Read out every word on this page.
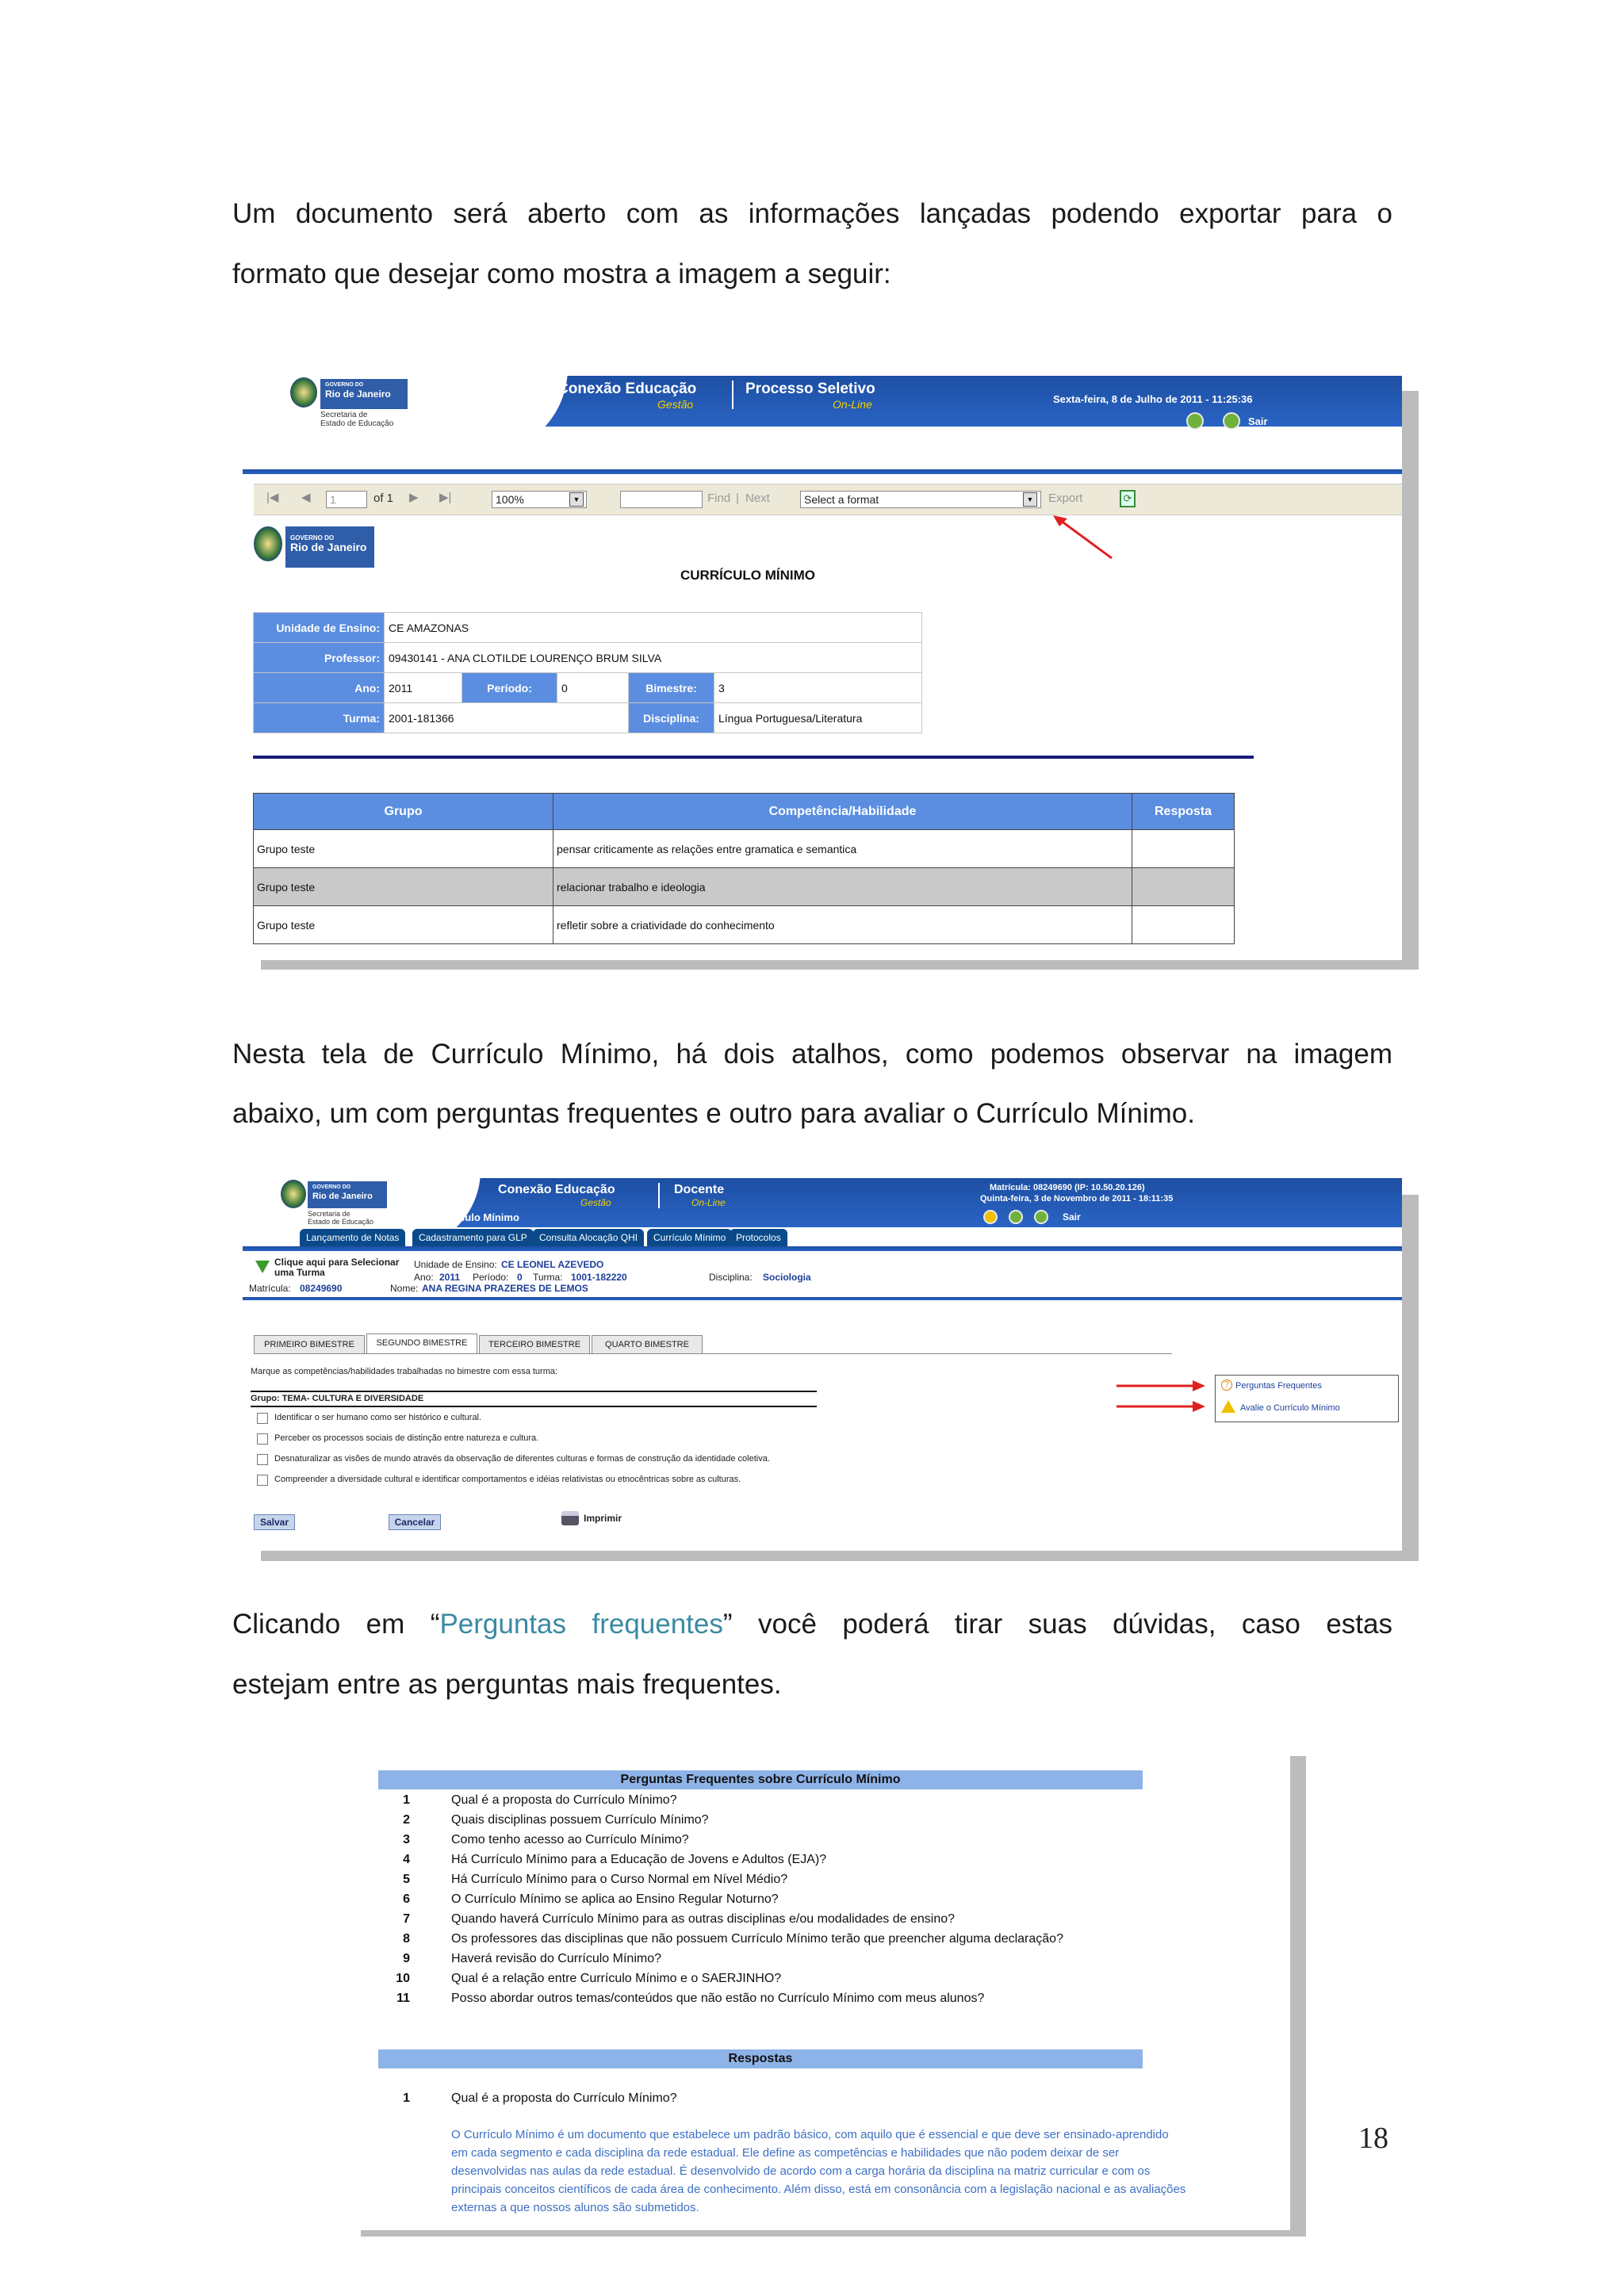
Um documento será aberto com as informações lançadas podendo exportar para o
formato que desejar como mostra a imagem a seguir:
GOVERNO DO
Rio de Janeiro
Secretaria de
Estado de Educação
Conexão Educação
Gestão
Processo Seletivo
On-Line	Sexta-feira, 8 de Julho de 2011 - 11:25:36
Sair
|◀ ◀	1	of 1 ▶ ▶|	100%	▼	Find | Next	Select a format	▼	Export	⟳
GOVERNO DO
Rio de Janeiro
CURRÍCULO MÍNIMO
Unidade de Ensino:	CE AMAZONAS				
Professor:	09430141 - ANA CLOTILDE LOURENÇO BRUM SILVA				
Ano:	2011	Período:	0	Bimestre:	3
Turma:	2001-181366			Disciplina:	Língua Portuguesa/Literatura
Grupo	Competência/Habilidade	Resposta
Grupo teste	pensar criticamente as relações entre gramatica e semantica	
Grupo teste	relacionar trabalho e ideologia	
Grupo teste	refletir sobre a criatividade do conhecimento	
Nesta tela de Currículo Mínimo, há dois atalhos, como podemos observar na imagem
abaixo, um com perguntas frequentes e outro para avaliar o Currículo Mínimo.
GOVERNO DO
Rio de Janeiro
Secretaria de
Estado de Educação
Conexão Educação
Gestão
Docente
On-Line
Currículo Mínimo
Matrícula: 08249690 (IP: 10.50.20.126)
Quinta-feira, 3 de Novembro de 2011 - 18:11:35
Sair
Lançamento de Notas	Cadastramento para GLP	Consulta Alocação QHI	Currículo Mínimo	Protocolos
Clique aqui para Selecionar uma Turma
Matrícula: 08249690
Unidade de Ensino: CE LEONEL AZEVEDO
Ano: 2011 Período: 0 Turma: 1001-182220	Disciplina: Sociologia
Nome: ANA REGINA PRAZERES DE LEMOS
PRIMEIRO BIMESTRE	SEGUNDO BIMESTRE	TERCEIRO BIMESTRE	QUARTO BIMESTRE
Marque as competências/habilidades trabalhadas no bimestre com essa turma:
Grupo: TEMA- CULTURA E DIVERSIDADE
Identificar o ser humano como ser histórico e cultural.
Perceber os processos sociais de distinção entre natureza e cultura.
Desnaturalizar as visões de mundo através da observação de diferentes culturas e formas de construção da identidade coletiva.
Compreender a diversidade cultural e identificar comportamentos e idéias relativistas ou etnocêntricas sobre as culturas.
Salvar	Cancelar	Imprimir
? Perguntas Frequentes
Avalie o Currículo Mínimo
Clicando em “Perguntas frequentes” você poderá tirar suas dúvidas, caso estas
estejam entre as perguntas mais frequentes.
Perguntas Frequentes sobre Currículo Mínimo
1	Qual é a proposta do Currículo Mínimo?
2	Quais disciplinas possuem Currículo Mínimo?
3	Como tenho acesso ao Currículo Mínimo?
4	Há Currículo Mínimo para a Educação de Jovens e Adultos (EJA)?
5	Há Currículo Mínimo para o Curso Normal em Nível Médio?
6	O Currículo Mínimo se aplica ao Ensino Regular Noturno?
7	Quando haverá Currículo Mínimo para as outras disciplinas e/ou modalidades de ensino?
8	Os professores das disciplinas que não possuem Currículo Mínimo terão que preencher alguma declaração?
9	Haverá revisão do Currículo Mínimo?
10	Qual é a relação entre Currículo Mínimo e o SAERJINHO?
11	Posso abordar outros temas/conteúdos que não estão no Currículo Mínimo com meus alunos?
Respostas
1	Qual é a proposta do Currículo Mínimo?
O Currículo Mínimo é um documento que estabelece um padrão básico, com aquilo que é essencial e que deve ser ensinado-aprendido
em cada segmento e cada disciplina da rede estadual. Ele define as competências e habilidades que não podem deixar de ser
desenvolvidas nas aulas da rede estadual. É desenvolvido de acordo com a carga horária da disciplina na matriz curricular e com os
principais conceitos científicos de cada área de conhecimento. Além disso, está em consonância com a legislação nacional e as avaliações
externas a que nossos alunos são submetidos.
18
